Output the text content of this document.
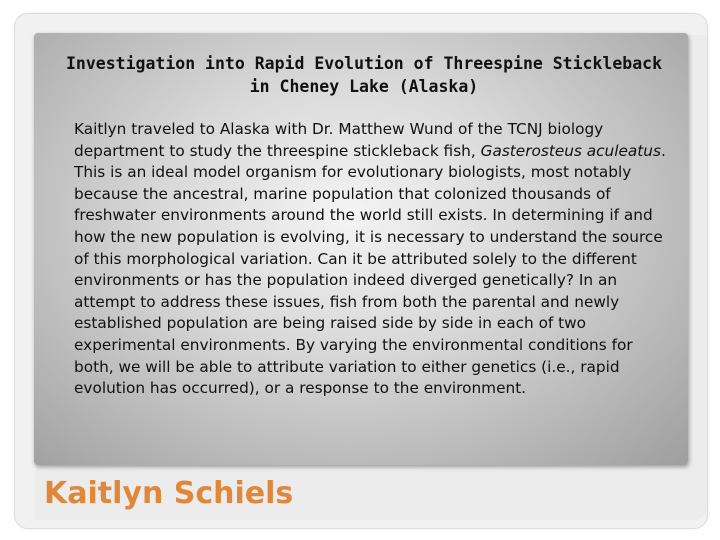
Investigation into Rapid Evolution of Threespine Stickleback in Cheney Lake (Alaska)

Kaitlyn traveled to Alaska with Dr. Matthew Wund of the TCNJ biology department to study the threespine stickleback fish, Gasterosteus aculeatus. This is an ideal model organism for evolutionary biologists, most notably because the ancestral, marine population that colonized thousands of freshwater environments around the world still exists. In determining if and how the new population is evolving, it is necessary to understand the source of this morphological variation. Can it be attributed solely to the different environments or has the population indeed diverged genetically? In an attempt to address these issues, fish from both the parental and newly established population are being raised side by side in each of two experimental environments. By varying the environmental conditions for both, we will be able to attribute variation to either genetics (i.e., rapid evolution has occurred), or a response to the environment.

Kaitlyn Schiels
